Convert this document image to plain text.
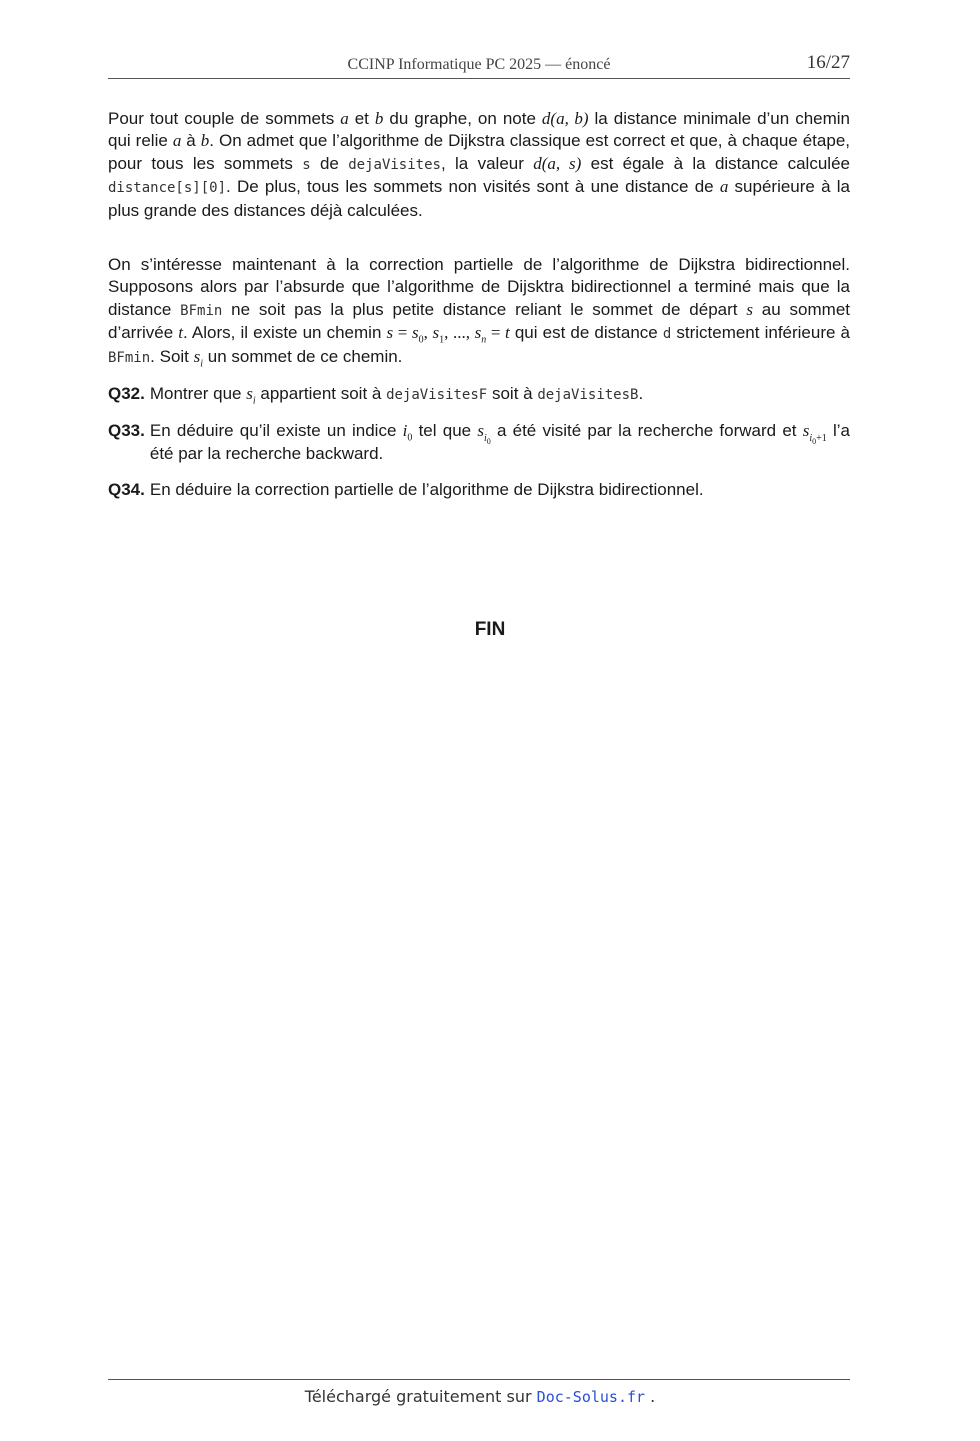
CCINP Informatique PC 2025 — énoncé	16/27

Pour tout couple de sommets a et b du graphe, on note d(a, b) la distance minimale d’un chemin qui relie a à b. On admet que l’algorithme de Dijkstra classique est correct et que, à chaque étape, pour tous les sommets s de dejaVisites, la valeur d(a, s) est égale à la distance calculée distance[s][0]. De plus, tous les sommets non visités sont à une distance de a supérieure à la plus grande des distances déjà calculées.

On s’intéresse maintenant à la correction partielle de l’algorithme de Dijkstra bidirectionnel. Supposons alors par l’absurde que l’algorithme de Dijsktra bidirectionnel a terminé mais que la distance BFmin ne soit pas la plus petite distance reliant le sommet de départ s au sommet d’arrivée t. Alors, il existe un chemin $s = s_0$, $s_1$, ..., $s_n = t$ qui est de distance d strictement inférieure à BFmin. Soit $s_i$ un sommet de ce chemin.

Q32. Montrer que $s_i$ appartient soit à dejaVisitesF soit à dejaVisitesB.
Q33. En déduire qu’il existe un indice $i_0$ tel que $s_{i_0}$ a été visité par la recherche forward et $s_{i_0+1}$ l’a été par la recherche backward.
Q34. En déduire la correction partielle de l’algorithme de Dijkstra bidirectionnel.
FIN
Téléchargé gratuitement sur Doc-Solus.fr .
